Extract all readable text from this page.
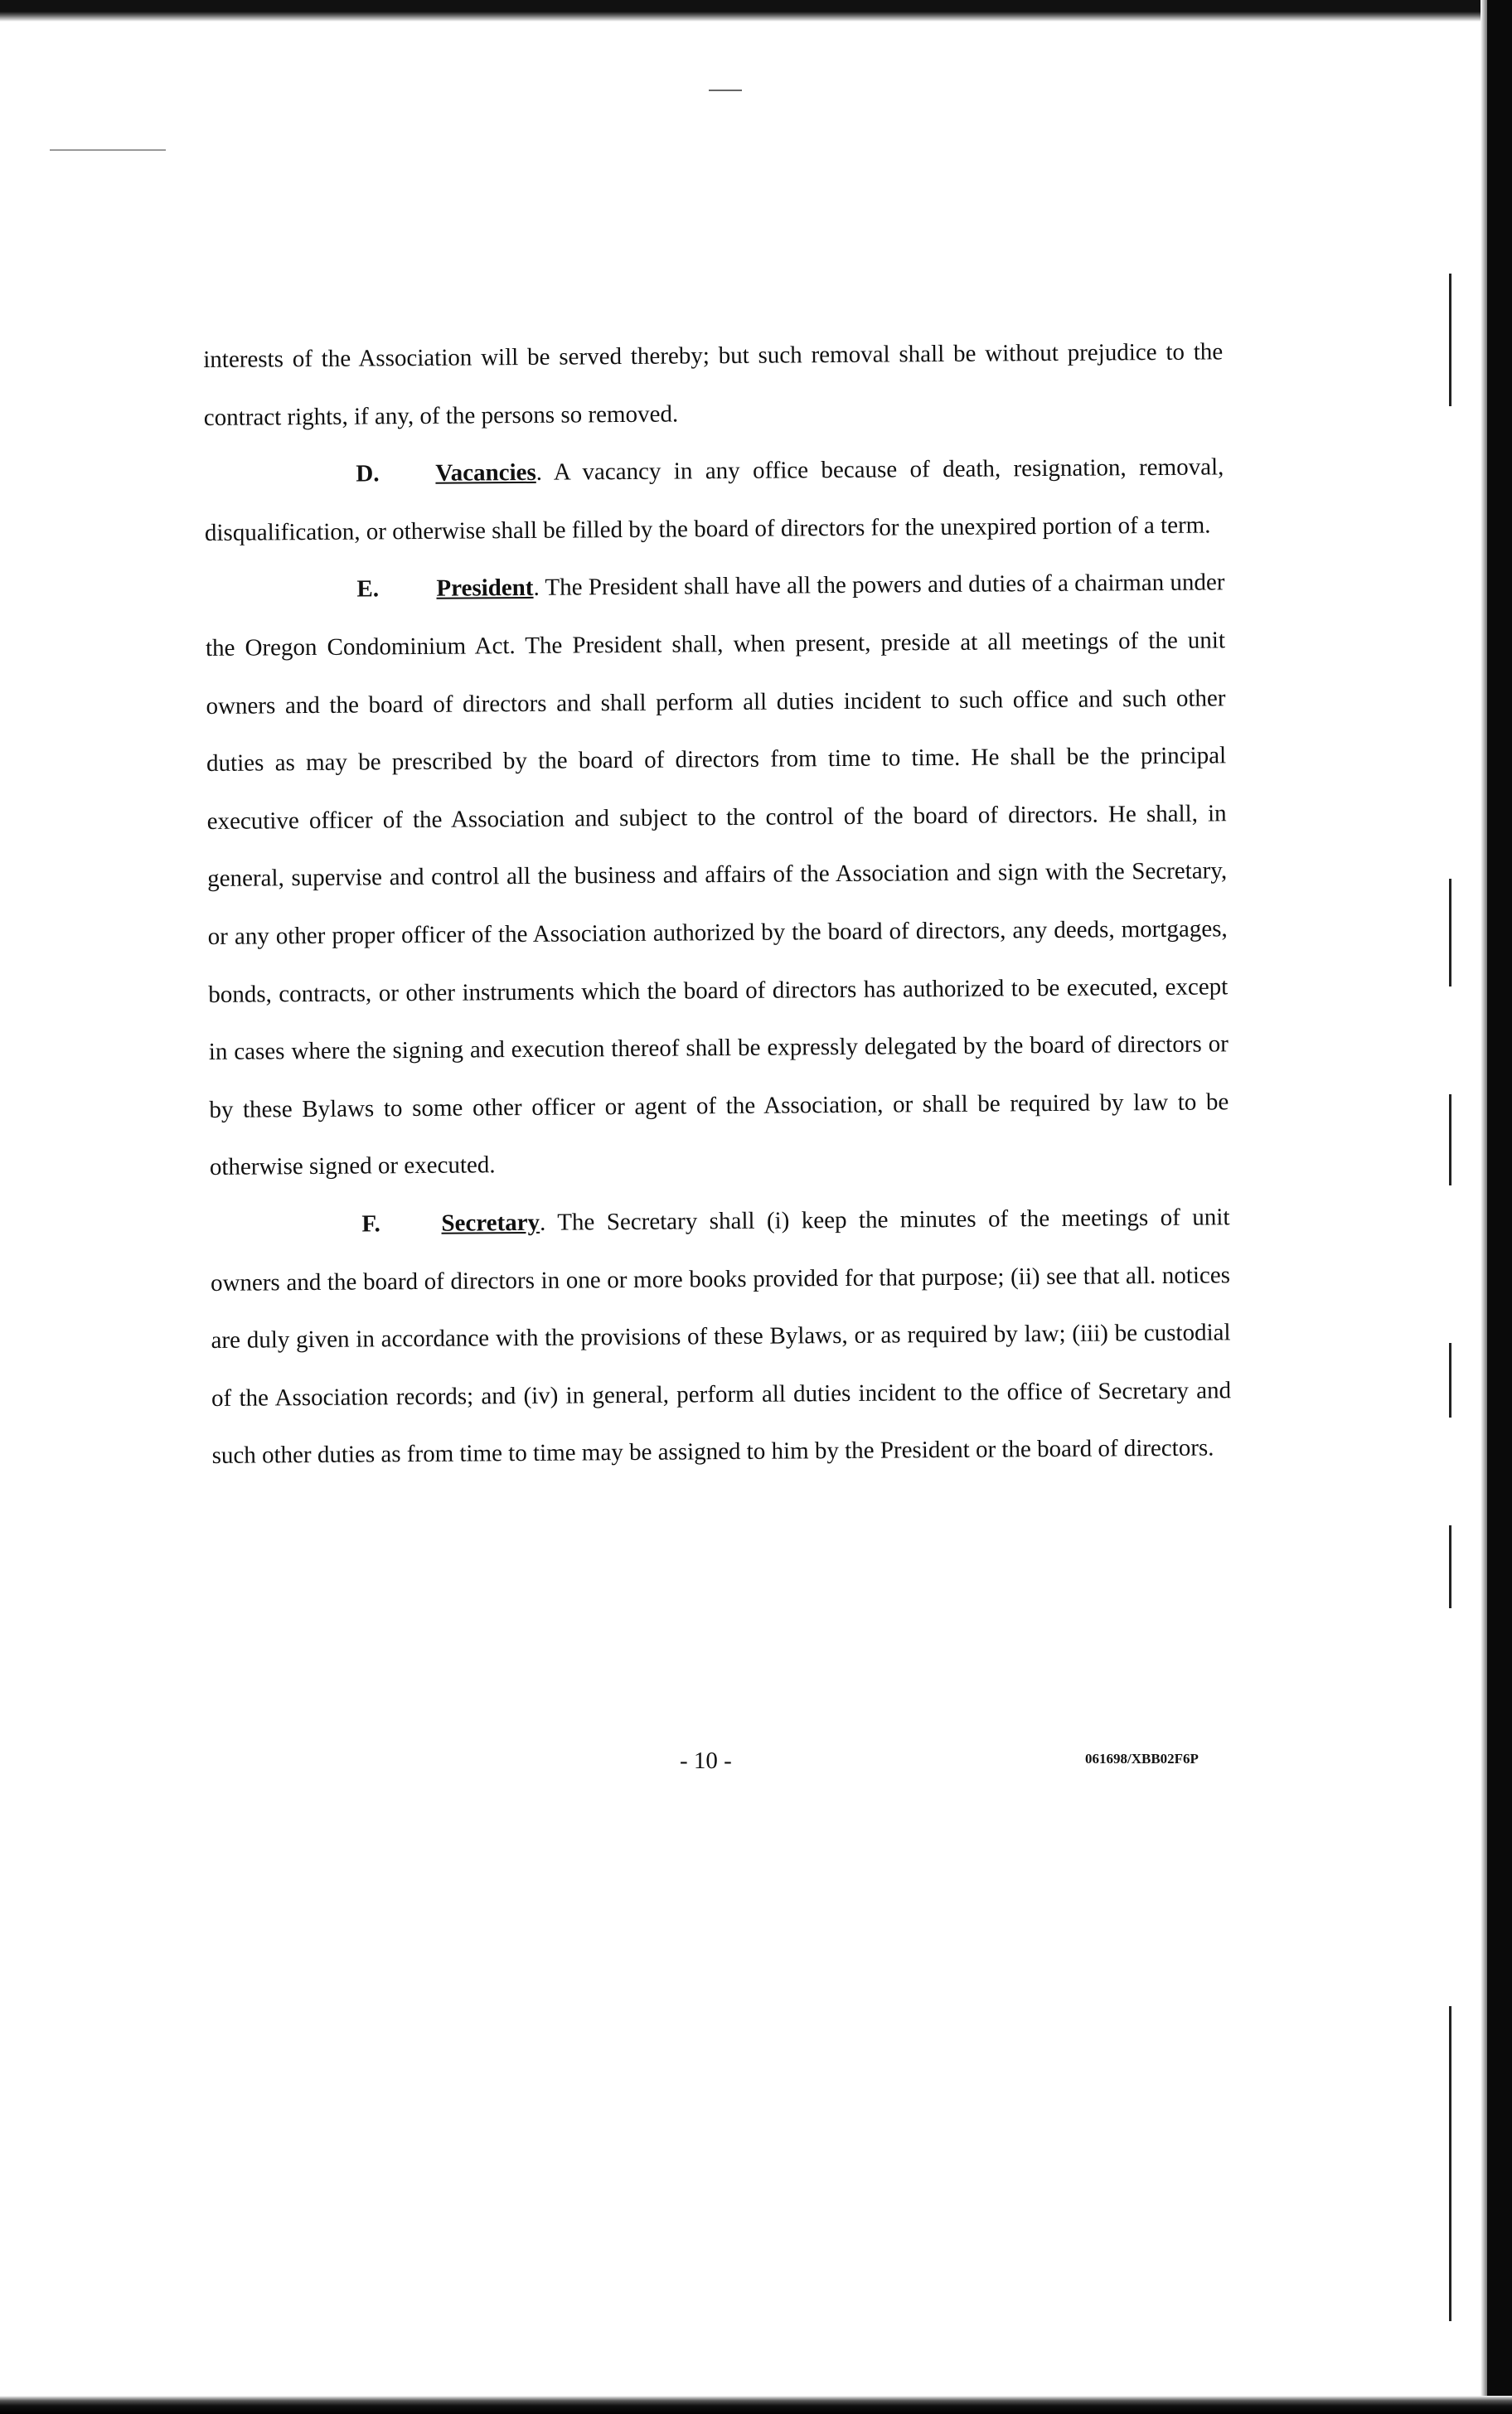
interests of the Association will be served thereby; but such removal shall be without prejudice to the contract rights, if any, of the persons so removed.

D. Vacancies. A vacancy in any office because of death, resignation, removal, disqualification, or otherwise shall be filled by the board of directors for the unexpired portion of a term.

E. President. The President shall have all the powers and duties of a chairman under the Oregon Condominium Act. The President shall, when present, preside at all meetings of the unit owners and the board of directors and shall perform all duties incident to such office and such other duties as may be prescribed by the board of directors from time to time. He shall be the principal executive officer of the Association and subject to the control of the board of directors. He shall, in general, supervise and control all the business and affairs of the Association and sign with the Secretary, or any other proper officer of the Association authorized by the board of directors, any deeds, mortgages, bonds, contracts, or other instruments which the board of directors has authorized to be executed, except in cases where the signing and execution thereof shall be expressly delegated by the board of directors or by these Bylaws to some other officer or agent of the Association, or shall be required by law to be otherwise signed or executed.

F.	Secretary. The Secretary shall (i) keep the minutes of the meetings of unit owners and the board of directors in one or more books provided for that purpose; (ii) see that all. notices are duly given in accordance with the provisions of these Bylaws, or as required by law; (iii) be custodial of the Association records; and (iv) in general, perform all duties incident to the office of Secretary and such other duties as from time to time may be assigned to him by the President or the board of directors.

- 10 -	061698/XBB02F6P
